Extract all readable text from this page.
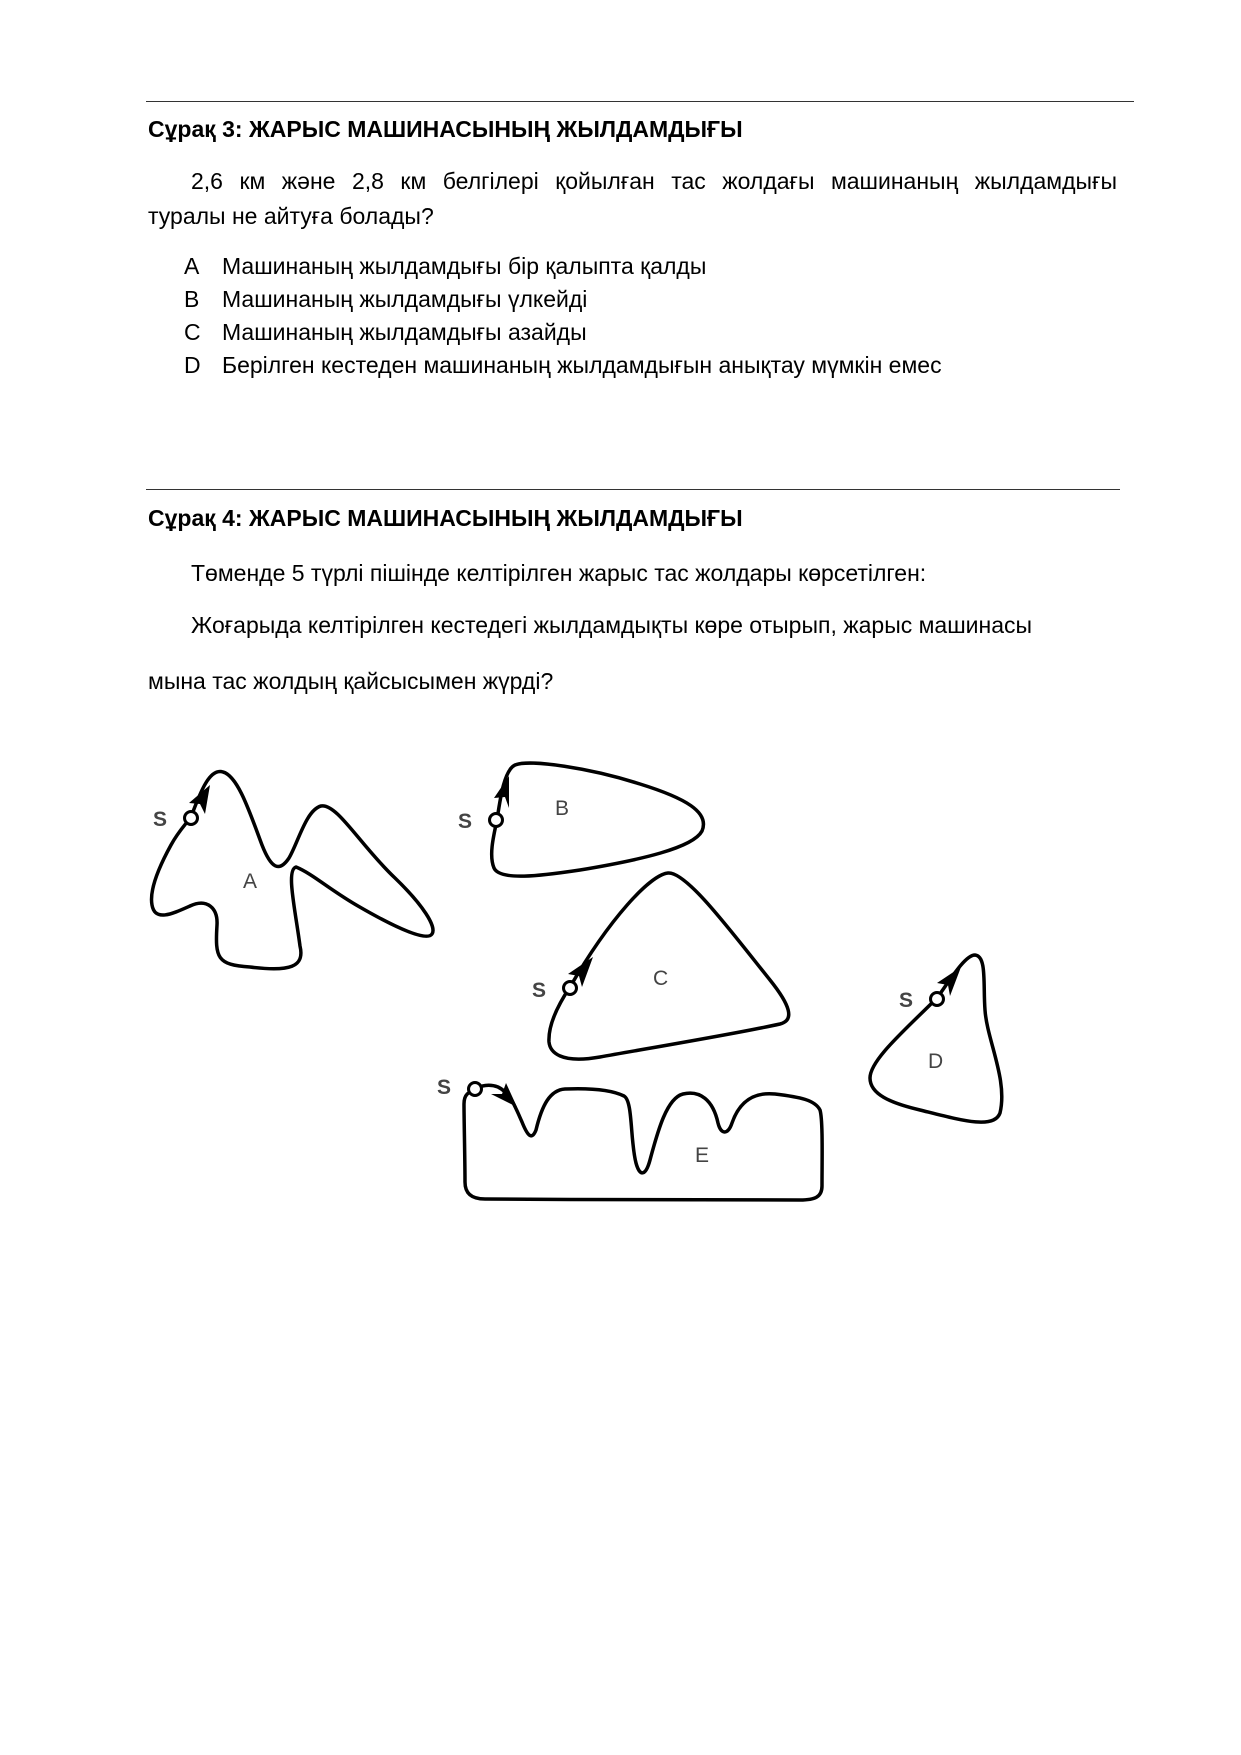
Сұрақ 3: ЖАРЫС МАШИНАСЫНЫҢ ЖЫЛДАМДЫҒЫ
2,6 км және 2,8 км белгілері қойылған тас жолдағы машинаның жылдамдығы
туралы не айтуға болады?
A Машинаның жылдамдығы бір қалыпта қалды
B Машинаның жылдамдығы үлкейді
C Машинаның жылдамдығы азайды
D Берілген кестеден машинаның жылдамдығын анықтау мүмкін емес
Сұрақ 4: ЖАРЫС МАШИНАСЫНЫҢ ЖЫЛДАМДЫҒЫ
Төменде 5 түрлі пішінде келтірілген жарыс тас жолдары көрсетілген:
Жоғарыда келтірілген кестедегі жылдамдықты көре отырып, жарыс машинасы
мына тас жолдың қайсысымен жүрді?
S
A
S
B
S
C
S
D
S
E
